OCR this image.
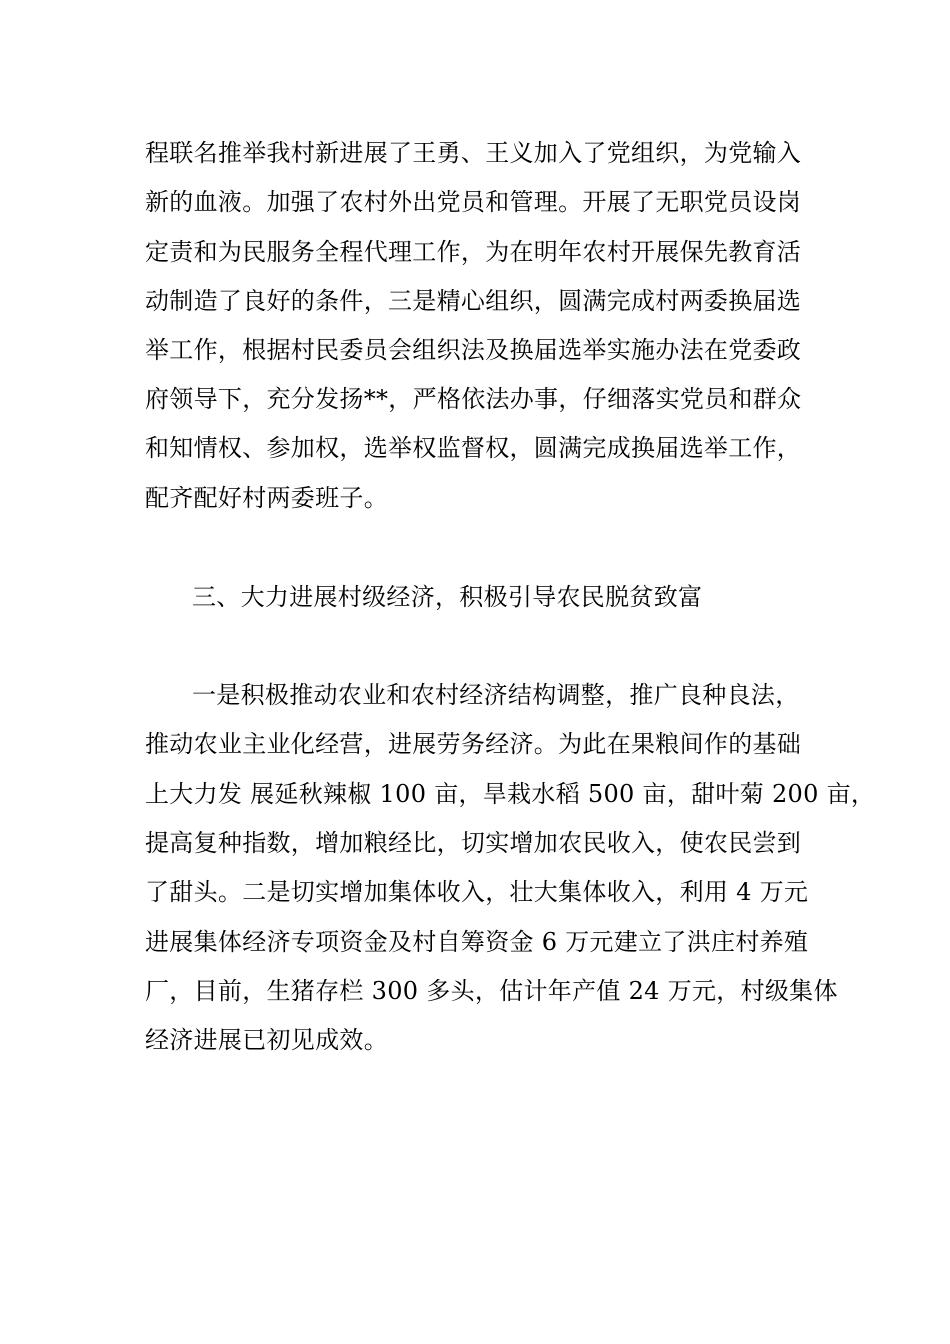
程联名推举我村新进展了王勇、王义加入了党组织，为党输入
新的血液。加强了农村外出党员和管理。开展了无职党员设岗
定责和为民服务全程代理工作，为在明年农村开展保先教育活
动制造了良好的条件，三是精心组织，圆满完成村两委换届选
举工作，根据村民委员会组织法及换届选举实施办法在党委政
府领导下，充分发扬**，严格依法办事，仔细落实党员和群众
和知情权、参加权，选举权监督权，圆满完成换届选举工作，
配齐配好村两委班子。
三、大力进展村级经济，积极引导农民脱贫致富
一是积极推动农业和农村经济结构调整，推广良种良法，
推动农业主业化经营，进展劳务经济。为此在果粮间作的基础
上大力发 展延秋辣椒 100 亩，旱栽水稻 500 亩，甜叶菊 200 亩，
提高复种指数，增加粮经比，切实增加农民收入，使农民尝到
了甜头。二是切实增加集体收入，壮大集体收入，利用 4 万元
进展集体经济专项资金及村自筹资金 6 万元建立了洪庄村养殖
厂，目前，生猪存栏 300 多头，估计年产值 24 万元，村级集体
经济进展已初见成效。
